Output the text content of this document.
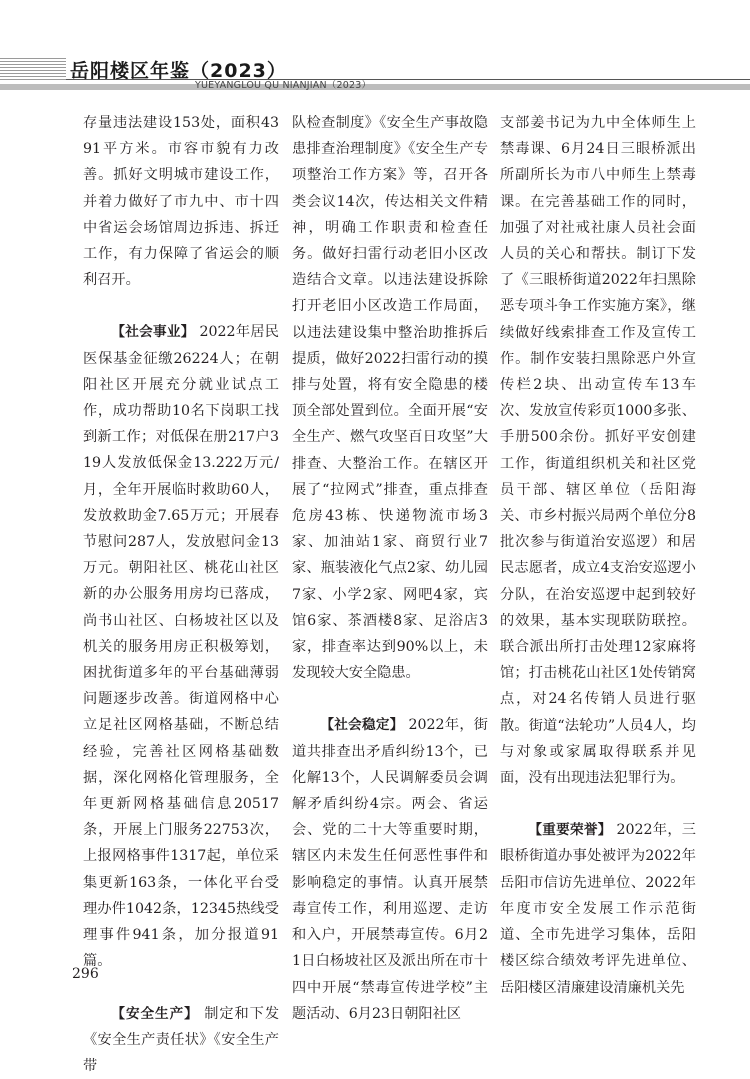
岳阳楼区年鉴（2023）
YUEYANGLOU QU NIANJIAN（2023）

存量违法建设153处，面积4391平方米。市容市貌有力改善。抓好文明城市建设工作，并着力做好了市九中、市十四中省运会场馆周边拆违、拆迁工作，有力保障了省运会的顺利召开。

【社会事业】 2022年居民医保基金征缴26224人；在朝阳社区开展充分就业试点工作，成功帮助10名下岗职工找到新工作；对低保在册217户319人发放低保金13.222万元/月，全年开展临时救助60人，发放救助金7.65万元；开展春节慰问287人，发放慰问金13万元。朝阳社区、桃花山社区新的办公服务用房均已落成，尚书山社区、白杨坡社区以及机关的服务用房正积极筹划，困扰街道多年的平台基础薄弱问题逐步改善。街道网格中心立足社区网格基础，不断总结经验，完善社区网格基础数据，深化网格化管理服务，全年更新网格基础信息20517条，开展上门服务22753次，上报网格事件1317起，单位采集更新163条，一体化平台受理办件1042条，12345热线受理事件941条，加分报道91篇。

【安全生产】 制定和下发《安全生产责任状》《安全生产带

队检查制度》《安全生产事故隐患排查治理制度》《安全生产专项整治工作方案》等，召开各类会议14次，传达相关文件精神，明确工作职责和检查任务。做好扫雷行动老旧小区改造结合文章。以违法建设拆除打开老旧小区改造工作局面，以违法建设集中整治助推拆后提质，做好2022扫雷行动的摸排与处置，将有安全隐患的楼顶全部处置到位。全面开展“安全生产、燃气攻坚百日攻坚”大排查、大整治工作。在辖区开展了“拉网式”排查，重点排查危房43栋、快递物流市场3家、加油站1家、商贸行业7家、瓶装液化气点2家、幼儿园7家、小学2家、网吧4家，宾馆6家、茶酒楼8家、足浴店3家，排查率达到90%以上，未发现较大安全隐患。

【社会稳定】 2022年，街道共排查出矛盾纠纷13个，已化解13个，人民调解委员会调解矛盾纠纷4宗。两会、省运会、党的二十大等重要时期，辖区内未发生任何恶性事件和影响稳定的事情。认真开展禁毒宣传工作，利用巡逻、走访和入户，开展禁毒宣传。6月21日白杨坡社区及派出所在市十四中开展“禁毒宣传进学校”主题活动、6月23日朝阳社区

支部姜书记为九中全体师生上禁毒课、6月24日三眼桥派出所副所长为市八中师生上禁毒课。在完善基础工作的同时，加强了对社戒社康人员社会面人员的关心和帮扶。制订下发了《三眼桥街道2022年扫黑除恶专项斗争工作实施方案》，继续做好线索排查工作及宣传工作。制作安装扫黑除恶户外宣传栏2块、出动宣传车13车次、发放宣传彩页1000多张、手册500余份。抓好平安创建工作，街道组织机关和社区党员干部、辖区单位（岳阳海关、市乡村振兴局两个单位分8批次参与街道治安巡逻）和居民志愿者，成立4支治安巡逻小分队，在治安巡逻中起到较好的效果，基本实现联防联控。联合派出所打击处理12家麻将馆；打击桃花山社区1处传销窝点，对24名传销人员进行驱散。街道“法轮功”人员4人，均与对象或家属取得联系并见面，没有出现违法犯罪行为。

【重要荣誉】 2022年，三眼桥街道办事处被评为2022年岳阳市信访先进单位、2022年年度市安全发展工作示范街道、全市先进学习集体，岳阳楼区综合绩效考评先进单位、岳阳楼区清廉建设清廉机关先

296
